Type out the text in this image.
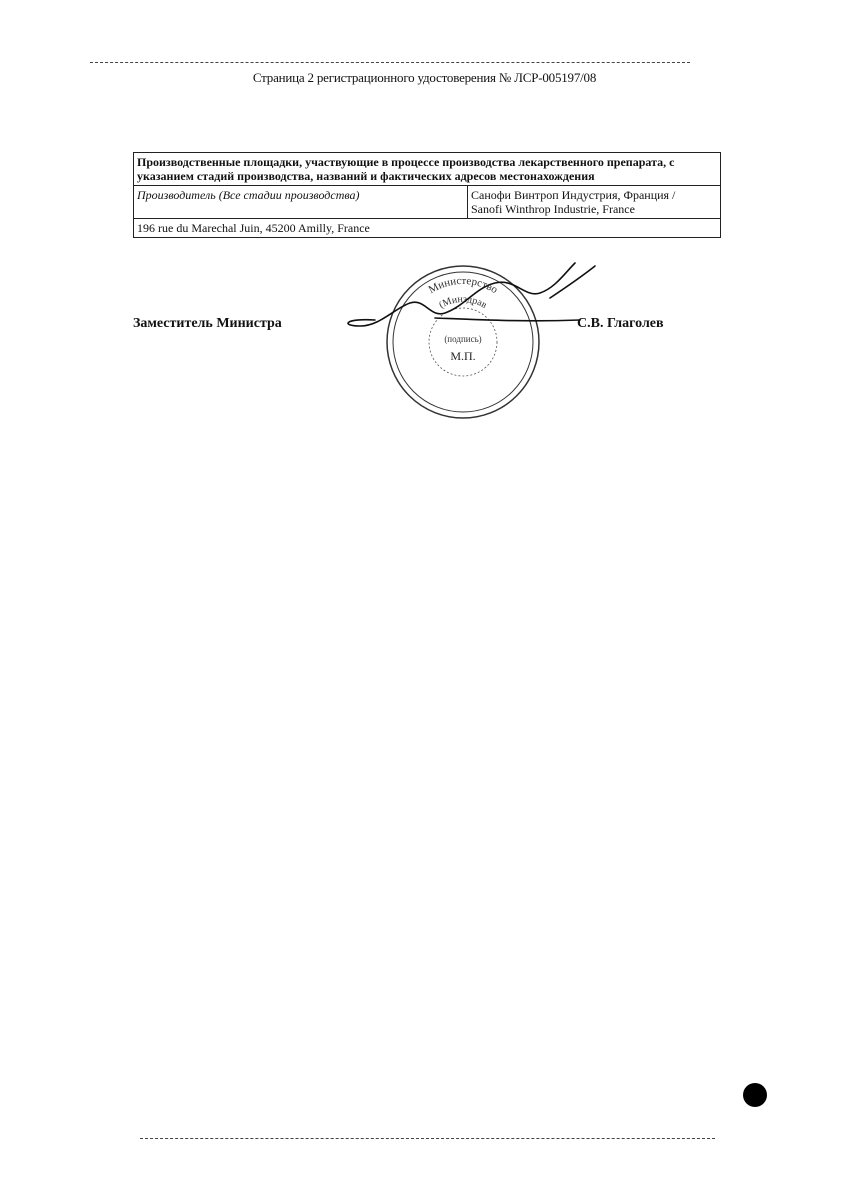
Страница 2 регистрационного удостоверения № ЛСР-005197/08
Производственные площадки, участвующие в процессе производства лекарственного препарата, с указанием стадий производства, названий и фактических адресов местонахождения
Производитель (Все стадии производства)	Санофи Винтроп Индустрия, Франция /
Sanofi Winthrop Industrie, France

196 rue du Marechal Juin, 45200 Amilly, France
Заместитель Министра	С.В. Глаголев
Министерство
(Минздрав
(подпись)
М.П.
